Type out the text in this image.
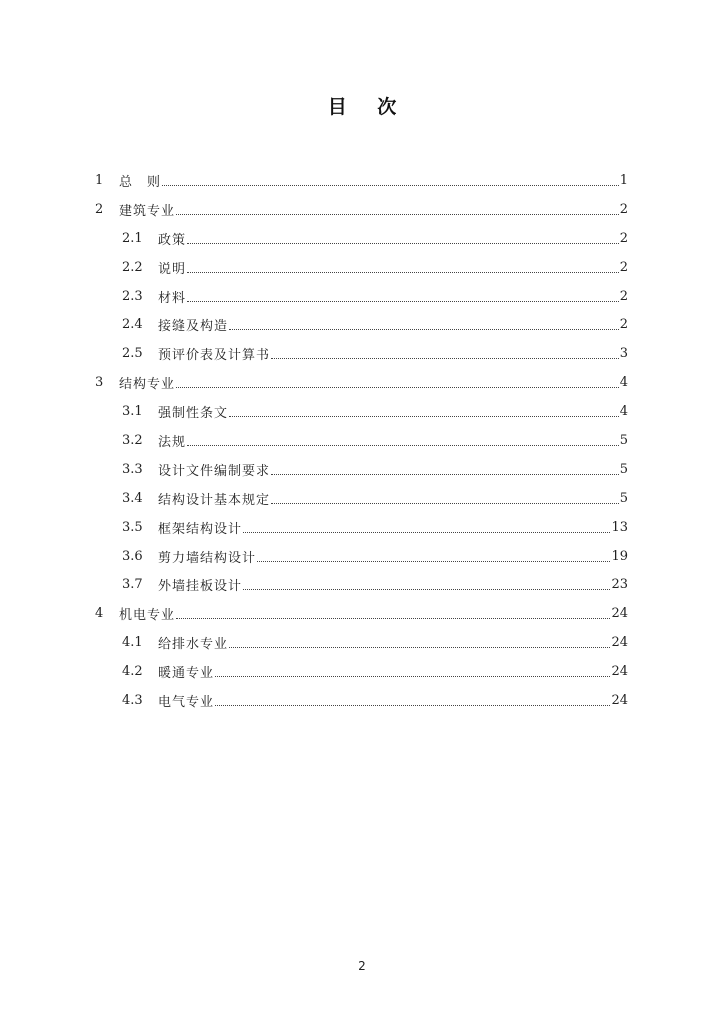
目 次
1	总　则	1
2	建筑专业	2
2.1	政策	2
2.2	说明	2
2.3	材料	2
2.4	接缝及构造	2
2.5	预评价表及计算书	3
3	结构专业	4
3.1	强制性条文	4
3.2	法规	5
3.3	设计文件编制要求	5
3.4	结构设计基本规定	5
3.5	框架结构设计	13
3.6	剪力墙结构设计	19
3.7	外墙挂板设计	23
4	机电专业	24
4.1	给排水专业	24
4.2	暖通专业	24
4.3	电气专业	24
2
